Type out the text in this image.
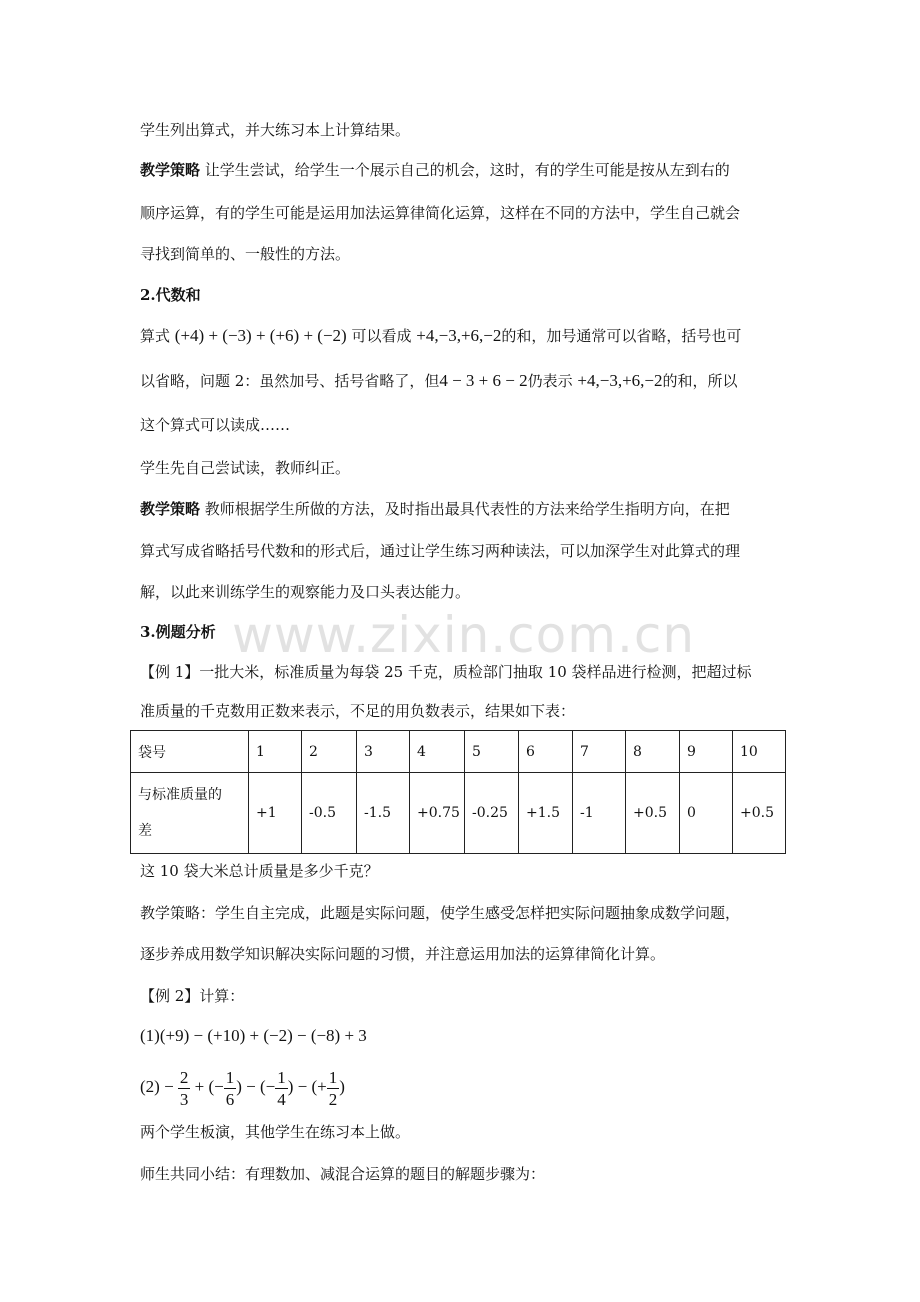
www.zixin.com.cn
学生列出算式，并大练习本上计算结果。
教学策略 让学生尝试，给学生一个展示自己的机会，这时，有的学生可能是按从左到右的
顺序运算，有的学生可能是运用加法运算律简化运算，这样在不同的方法中，学生自己就会
寻找到简单的、一般性的方法。
2.代数和
算式 (+4) + (−3) + (+6) + (−2) 可以看成 +4,−3,+6,−2的和，加号通常可以省略，括号也可
以省略，问题 2：虽然加号、括号省略了，但4 − 3 + 6 − 2仍表示 +4,−3,+6,−2的和，所以
这个算式可以读成……
学生先自己尝试读，教师纠正。
教学策略 教师根据学生所做的方法，及时指出最具代表性的方法来给学生指明方向，在把
算式写成省略括号代数和的形式后，通过让学生练习两种读法，可以加深学生对此算式的理
解，以此来训练学生的观察能力及口头表达能力。
3.例题分析
【例 1】一批大米，标准质量为每袋 25 千克，质检部门抽取 10 袋样品进行检测，把超过标
准质量的千克数用正数来表示，不足的用负数表示，结果如下表：
袋号	1	2	3	4	5	6	7	8	9	10

与标准质量的
差	+1	-0.5	-1.5	+0.75	-0.25	+1.5	-1	+0.5	0	+0.5
这 10 袋大米总计质量是多少千克？
教学策略：学生自主完成，此题是实际问题，使学生感受怎样把实际问题抽象成数学问题，
逐步养成用数学知识解决实际问题的习惯，并注意运用加法的运算律简化计算。
【例 2】计算：
(1)(+9) − (+10) + (−2) − (−8) + 3
$(2) - \frac{2}{3}$ + (− $\frac{1}{6}$ ) − (− $\frac{1}{4}$ ) − (+ $\frac{1}{2}$ )
两个学生板演，其他学生在练习本上做。
师生共同小结：有理数加、减混合运算的题目的解题步骤为：
